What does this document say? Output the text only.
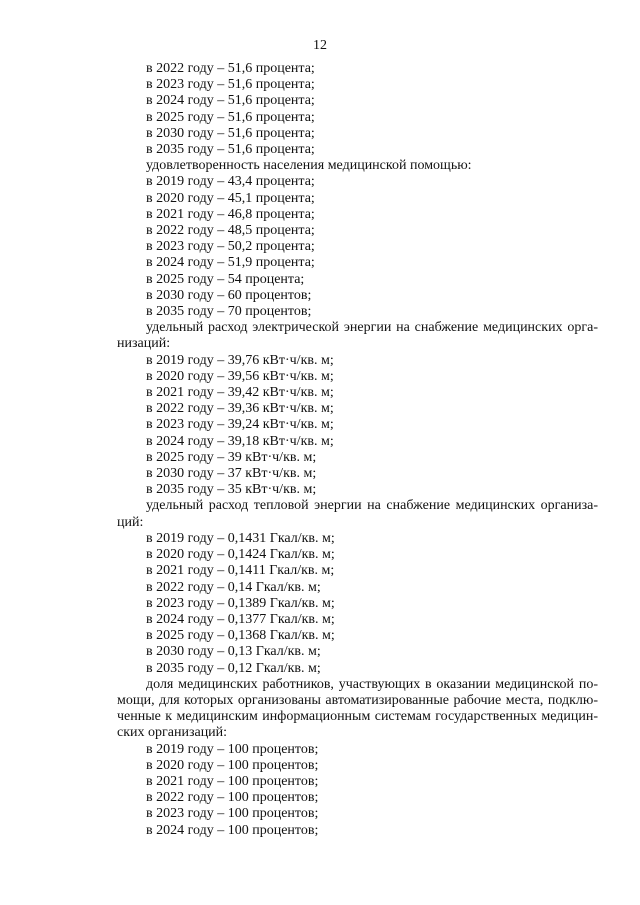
12
в 2022 году – 51,6 процента;
в 2023 году – 51,6 процента;
в 2024 году – 51,6 процента;
в 2025 году – 51,6 процента;
в 2030 году – 51,6 процента;
в 2035 году – 51,6 процента;
удовлетворенность населения медицинской помощью:
в 2019 году – 43,4 процента;
в 2020 году – 45,1 процента;
в 2021 году – 46,8 процента;
в 2022 году – 48,5 процента;
в 2023 году – 50,2 процента;
в 2024 году – 51,9 процента;
в 2025 году – 54 процента;
в 2030 году – 60 процентов;
в 2035 году – 70 процентов;
удельный расход электрической энергии на снабжение медицинских орга-низаций:
в 2019 году – 39,76 кВт·ч/кв. м;
в 2020 году – 39,56 кВт·ч/кв. м;
в 2021 году – 39,42 кВт·ч/кв. м;
в 2022 году – 39,36 кВт·ч/кв. м;
в 2023 году – 39,24 кВт·ч/кв. м;
в 2024 году – 39,18 кВт·ч/кв. м;
в 2025 году – 39 кВт·ч/кв. м;
в 2030 году – 37 кВт·ч/кв. м;
в 2035 году – 35 кВт·ч/кв. м;
удельный расход тепловой энергии на снабжение медицинских организа-ций:
в 2019 году – 0,1431 Гкал/кв. м;
в 2020 году – 0,1424 Гкал/кв. м;
в 2021 году – 0,1411 Гкал/кв. м;
в 2022 году – 0,14 Гкал/кв. м;
в 2023 году – 0,1389 Гкал/кв. м;
в 2024 году – 0,1377 Гкал/кв. м;
в 2025 году – 0,1368 Гкал/кв. м;
в 2030 году – 0,13 Гкал/кв. м;
в 2035 году – 0,12 Гкал/кв. м;
доля медицинских работников, участвующих в оказании медицинской по-мощи, для которых организованы автоматизированные рабочие места, подклю-ченные к медицинским информационным системам государственных медицин-ских организаций:
в 2019 году – 100 процентов;
в 2020 году – 100 процентов;
в 2021 году – 100 процентов;
в 2022 году – 100 процентов;
в 2023 году – 100 процентов;
в 2024 году – 100 процентов;
